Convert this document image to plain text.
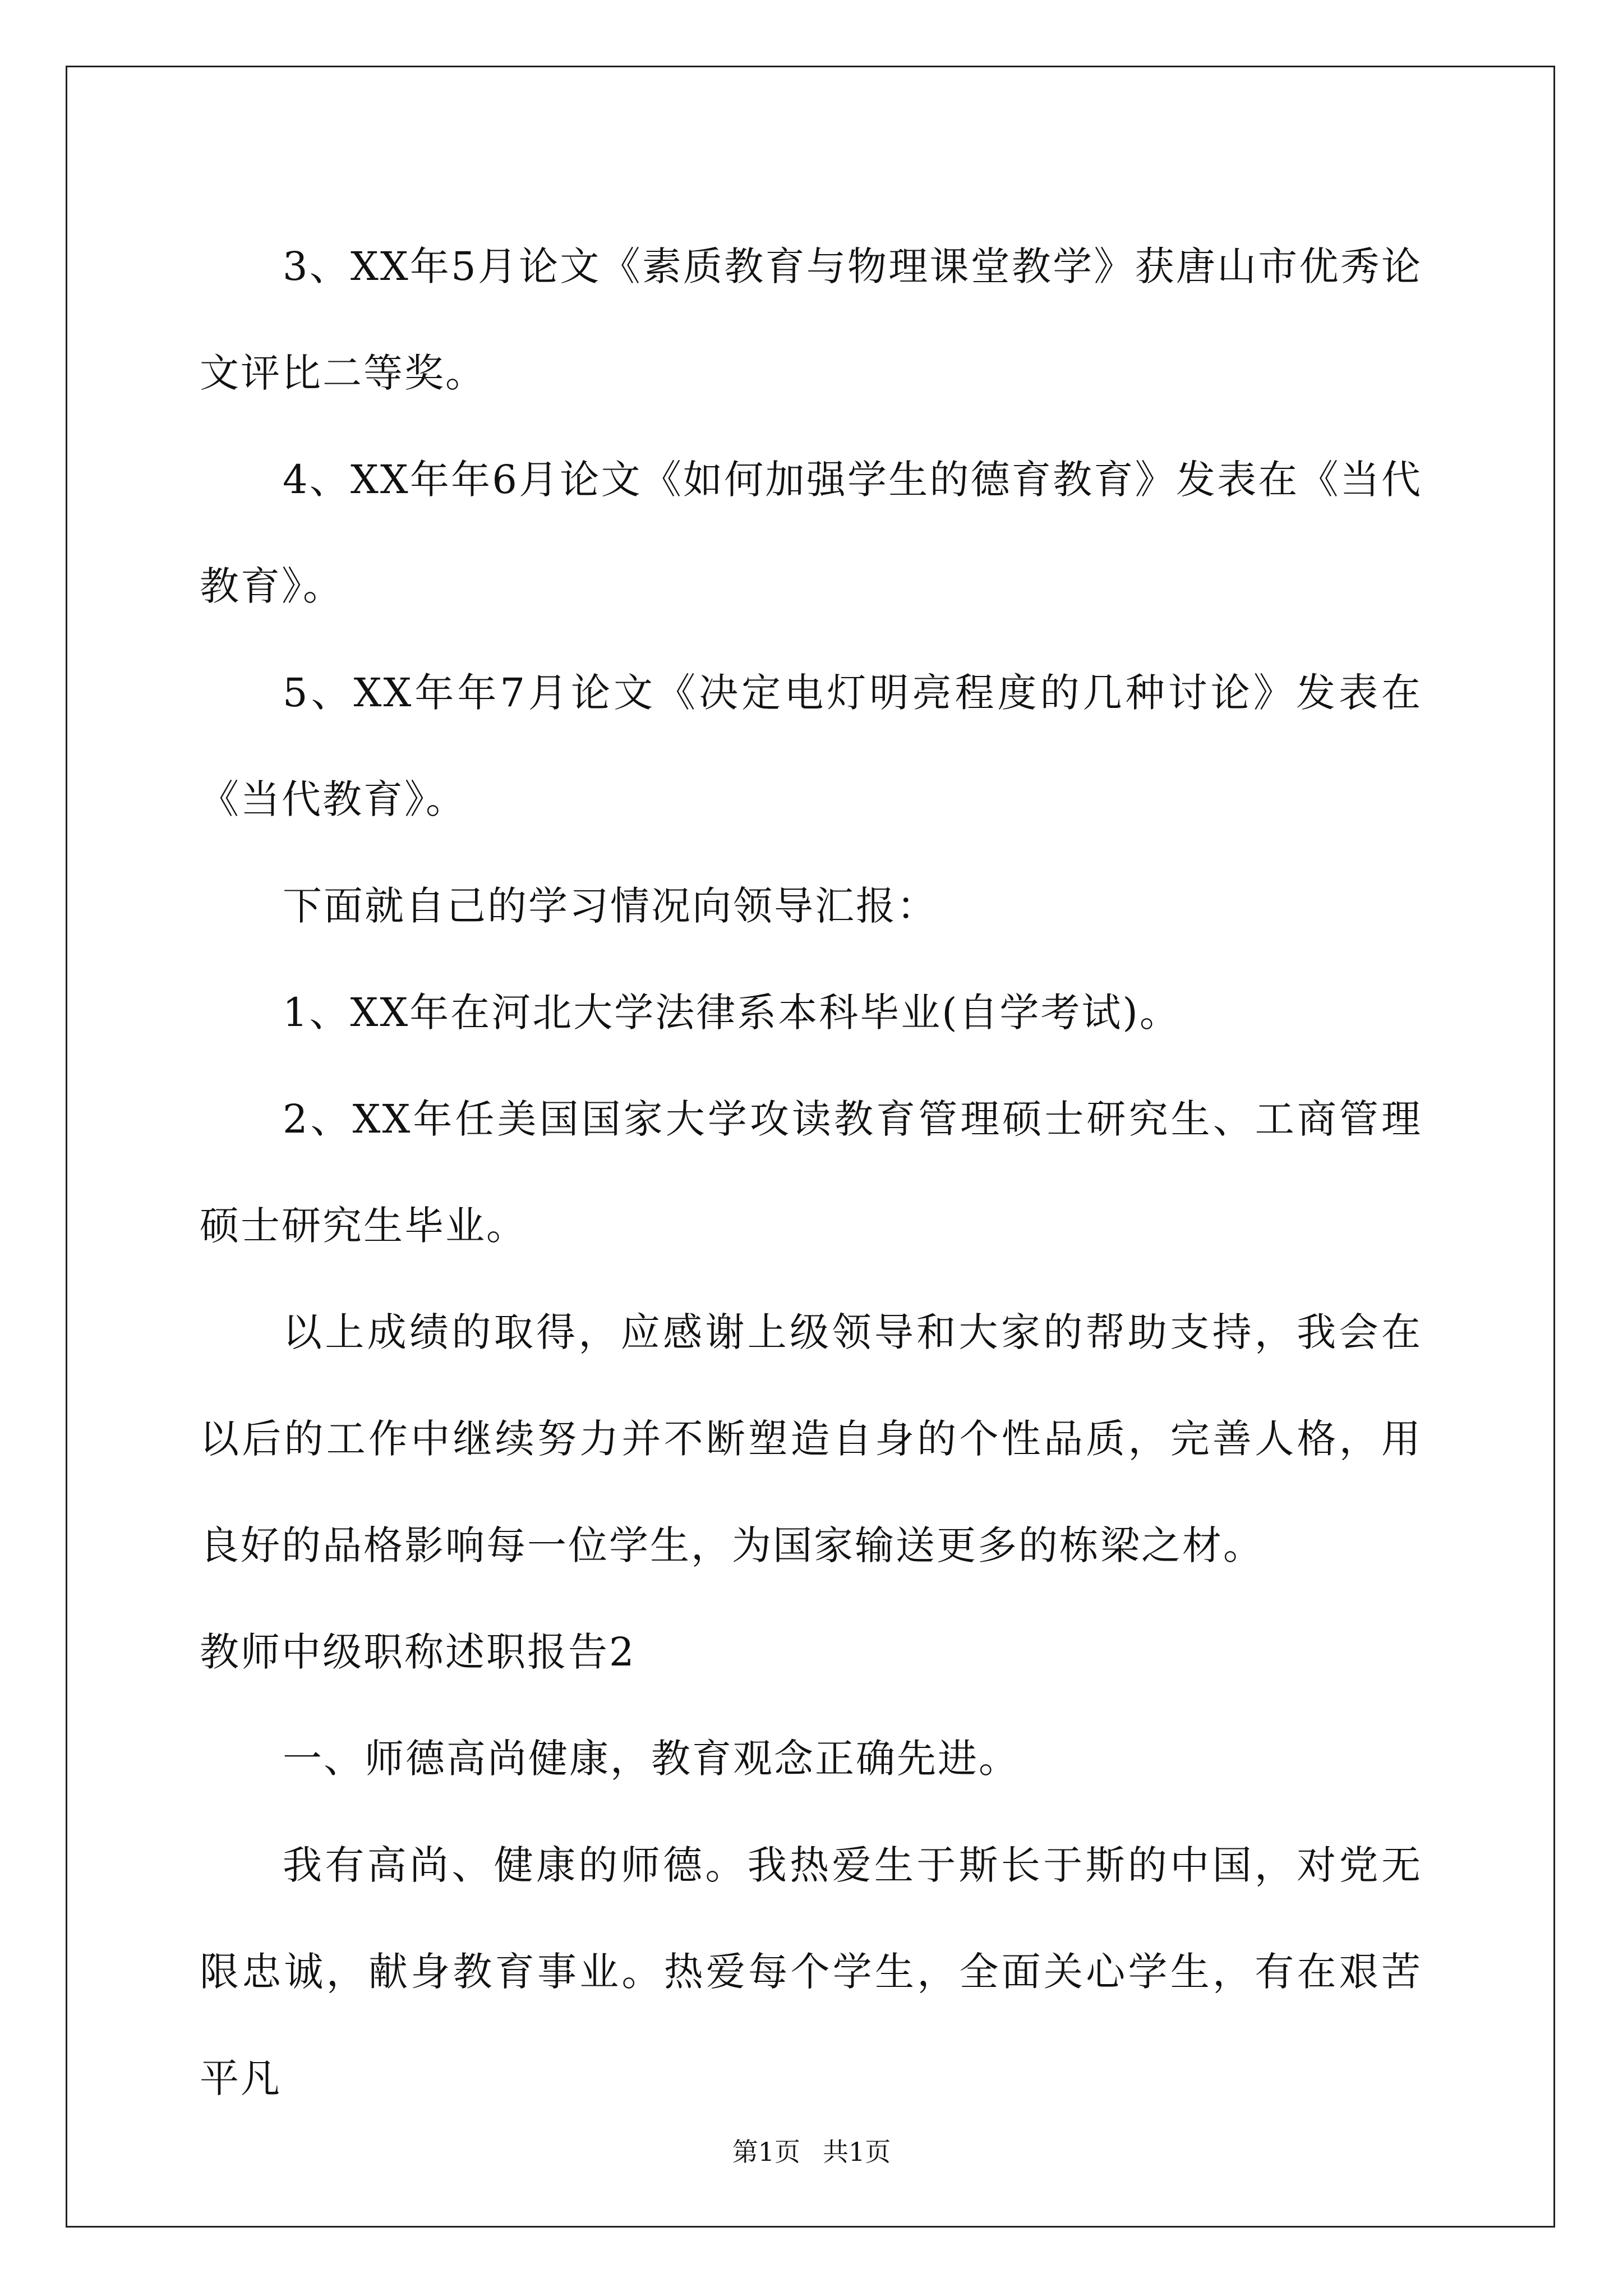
3、XX年5月论文《素质教育与物理课堂教学》获唐山市优秀论文评比二等奖。

4、XX年年6月论文《如何加强学生的德育教育》发表在《当代教育》。

5、XX年年7月论文《决定电灯明亮程度的几种讨论》发表在《当代教育》。

下面就自己的学习情况向领导汇报：

1、XX年在河北大学法律系本科毕业(自学考试)。

2、XX年任美国国家大学攻读教育管理硕士研究生、工商管理硕士研究生毕业。

以上成绩的取得，应感谢上级领导和大家的帮助支持，我会在以后的工作中继续努力并不断塑造自身的个性品质，完善人格，用良好的品格影响每一位学生，为国家输送更多的栋梁之材。

教师中级职称述职报告2

一、师德高尚健康，教育观念正确先进。

我有高尚、健康的师德。我热爱生于斯长于斯的中国，对党无限忠诚，献身教育事业。热爱每个学生，全面关心学生，有在艰苦平凡

第1页 共1页
